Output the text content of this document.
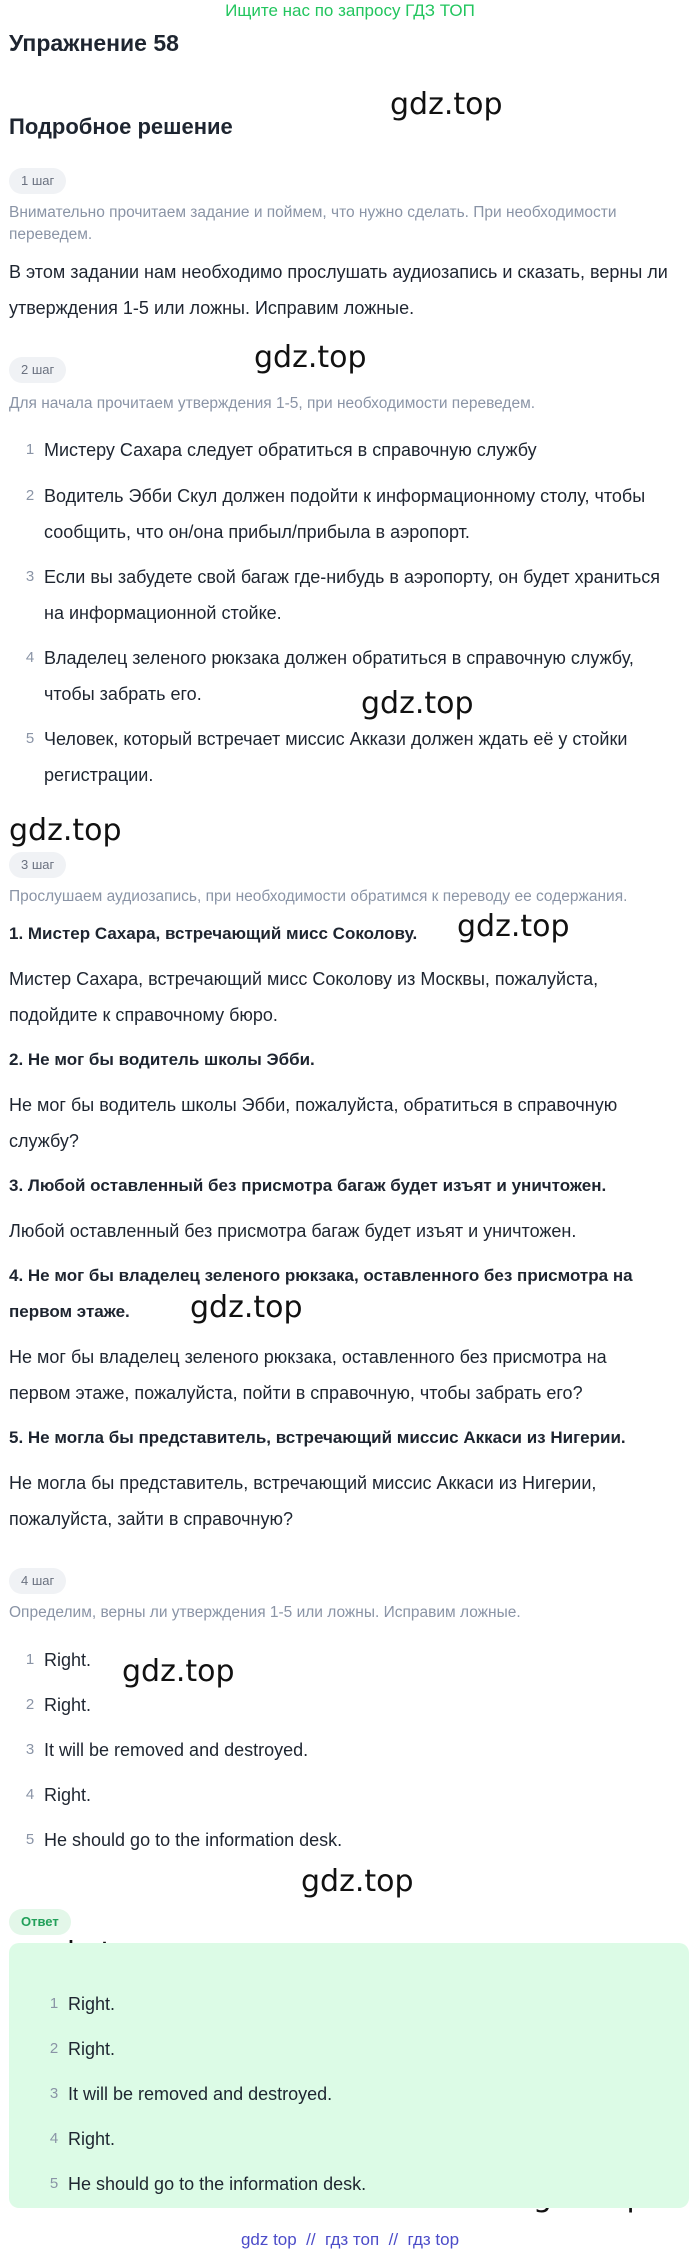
Ищите нас по запросу ГДЗ ТОП
Упражнение 58
Подробное решение
gdz.top
gdz.top
gdz.top
gdz.top
gdz.top
gdz.top
gdz.top
gdz.top
1 шаг
Внимательно прочитаем задание и поймем, что нужно сделать. При необходимости переведем.
В этом задании нам необходимо прослушать аудиозапись и сказать, верны ли
утверждения 1-5 или ложны. Исправим ложные.
2 шаг
Для начала прочитаем утверждения 1-5, при необходимости переведем.
1 Мистеру Сахара следует обратиться в справочную службу
2 Водитель Эбби Скул должен подойти к информационному столу, чтобы
сообщить, что он/она прибыл/прибыла в аэропорт.
3 Если вы забудете свой багаж где-нибудь в аэропорту, он будет храниться
на информационной стойке.
4 Владелец зеленого рюкзака должен обратиться в справочную службу,
чтобы забрать его.
5 Человек, который встречает миссис Аккази должен ждать её у стойки
регистрации.
3 шаг
Прослушаем аудиозапись, при необходимости обратимся к переводу ее содержания.
1. Мистер Сахара, встречающий мисс Соколову.
Мистер Сахара, встречающий мисс Соколову из Москвы, пожалуйста,
подойдите к справочному бюро.
2. Не мог бы водитель школы Эбби.
Не мог бы водитель школы Эбби, пожалуйста, обратиться в справочную
службу?
3. Любой оставленный без присмотра багаж будет изъят и уничтожен.
Любой оставленный без присмотра багаж будет изъят и уничтожен.
4. Не мог бы владелец зеленого рюкзака, оставленного без присмотра на
первом этаже.
Не мог бы владелец зеленого рюкзака, оставленного без присмотра на
первом этаже, пожалуйста, пойти в справочную, чтобы забрать его?
5. Не могла бы представитель, встречающий миссис Аккаси из Нигерии.
Не могла бы представитель, встречающий миссис Аккаси из Нигерии,
пожалуйста, зайти в справочную?
4 шаг
Определим, верны ли утверждения 1-5 или ложны. Исправим ложные.
1 Right.
2 Right.
3 It will be removed and destroyed.
4 Right.
5 He should go to the information desk.
Ответ
1 Right.
2 Right.
3 It will be removed and destroyed.
4 Right.
5 He should go to the information desk.
gdz top  //  гдз топ  //  гдз top
